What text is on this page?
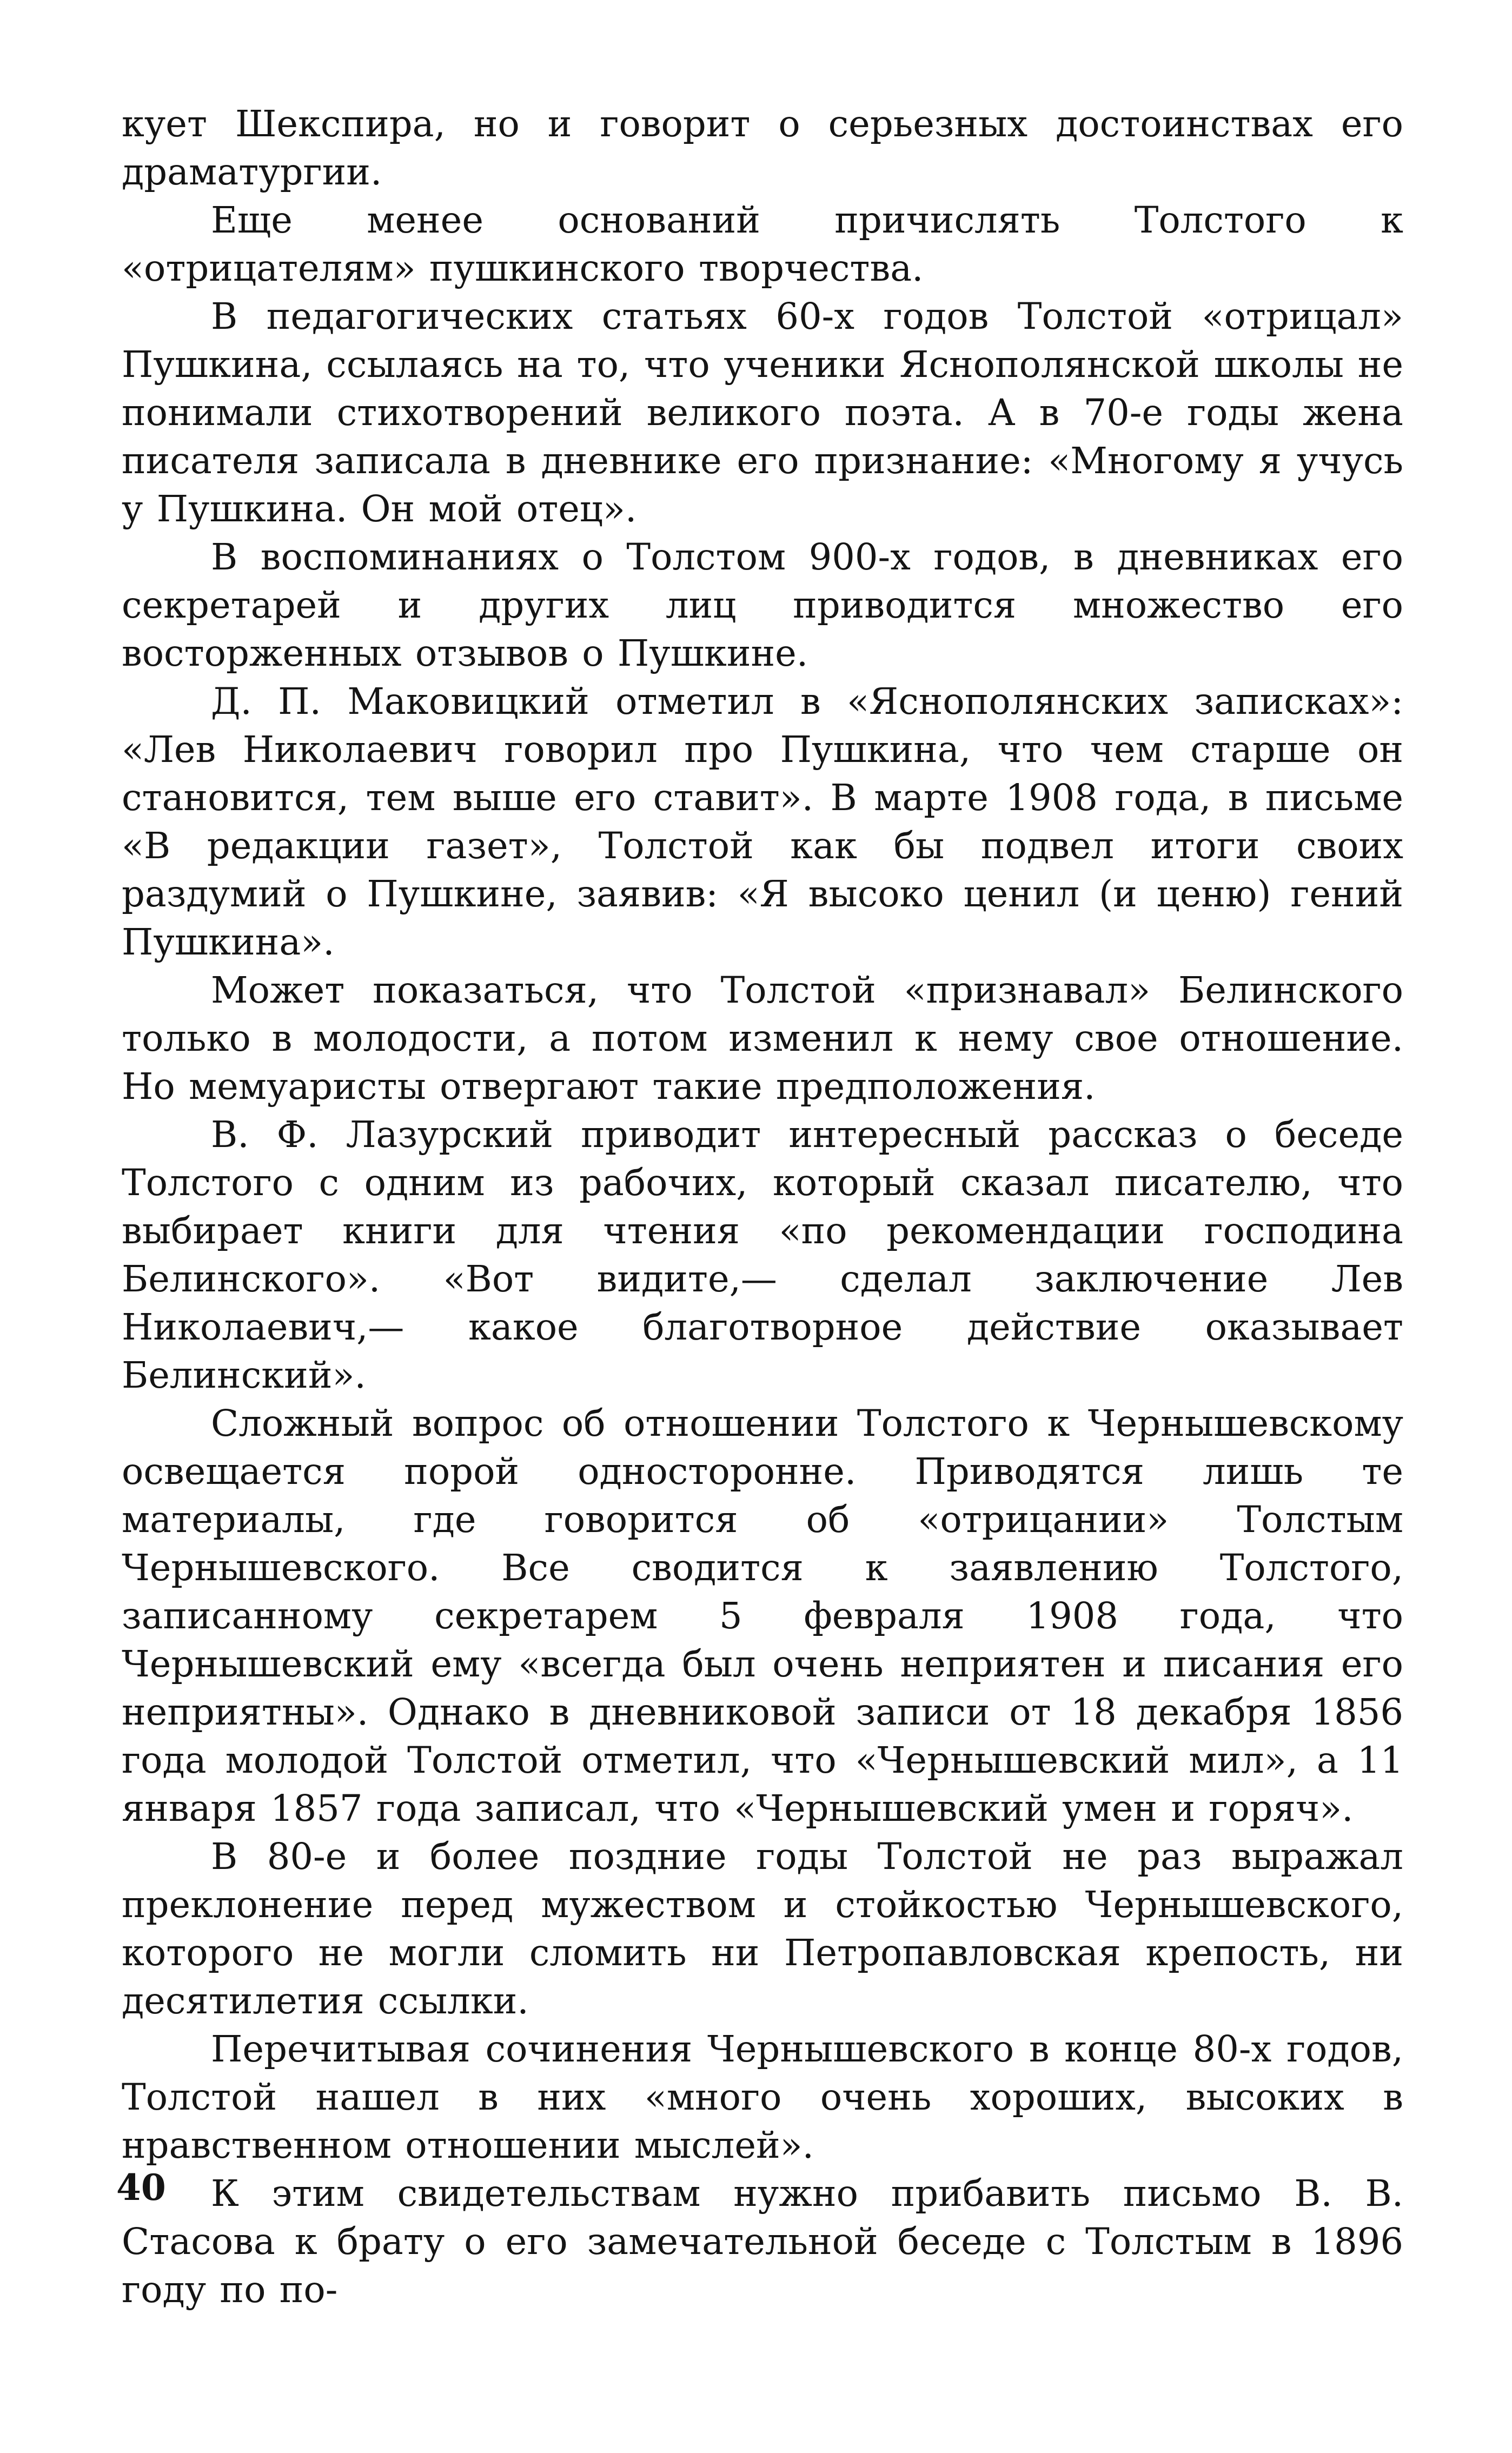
кует Шекспира, но и говорит о серьезных достоинствах его драматургии.

Еще менее оснований причислять Толстого к «отрицателям» пушкинского творчества.

В педагогических статьях 60-х годов Толстой «отрицал» Пушкина, ссылаясь на то, что ученики Яснополянской школы не понимали стихотворений великого поэта. А в 70-е годы жена писателя записала в дневнике его признание: «Многому я учусь у Пушкина. Он мой отец».

В воспоминаниях о Толстом 900-х годов, в дневниках его секретарей и других лиц приводится множество его восторженных отзывов о Пушкине.

Д. П. Маковицкий отметил в «Яснополянских записках»: «Лев Николаевич говорил про Пушкина, что чем старше он становится, тем выше его ставит». В марте 1908 года, в письме «В редакции газет», Толстой как бы подвел итоги своих раздумий о Пушкине, заявив: «Я высоко ценил (и ценю) гений Пушкина».

Может показаться, что Толстой «признавал» Белинского только в молодости, а потом изменил к нему свое отношение. Но мемуаристы отвергают такие предположения.

В. Ф. Лазурский приводит интересный рассказ о беседе Толстого с одним из рабочих, который сказал писателю, что выбирает книги для чтения «по рекомендации господина Белинского». «Вот видите,— сделал заключение Лев Николаевич,— какое благотворное действие оказывает Белинский».

Сложный вопрос об отношении Толстого к Чернышевскому освещается порой односторонне. Приводятся лишь те материалы, где говорится об «отрицании» Толстым Чернышевского. Все сводится к заявлению Толстого, записанному секретарем 5 февраля 1908 года, что Чернышевский ему «всегда был очень неприятен и писания его неприятны». Однако в дневниковой записи от 18 декабря 1856 года молодой Толстой отметил, что «Чернышевский мил», а 11 января 1857 года записал, что «Чернышевский умен и горяч».

В 80-е и более поздние годы Толстой не раз выражал преклонение перед мужеством и стойкостью Чернышевского, которого не могли сломить ни Петропавловская крепость, ни десятилетия ссылки.

Перечитывая сочинения Чернышевского в конце 80-х годов, Толстой нашел в них «много очень хороших, высоких в нравственном отношении мыслей».

К этим свидетельствам нужно прибавить письмо В. В. Стасова к брату о его замечательной беседе с Толстым в 1896 году по по-

40
